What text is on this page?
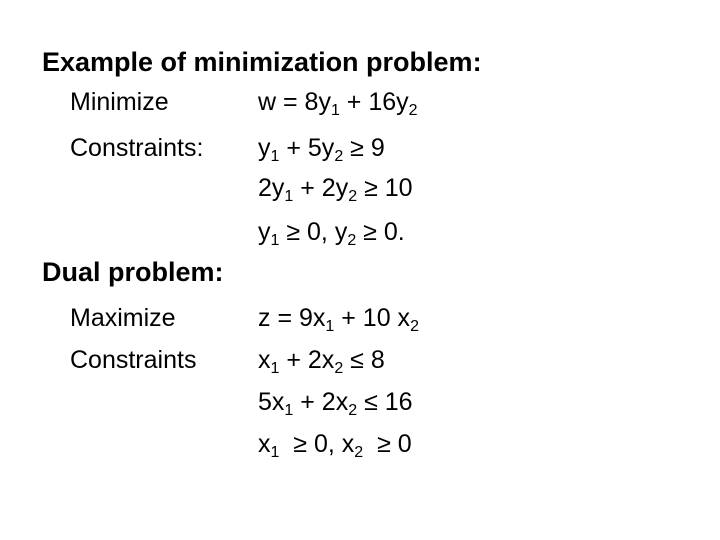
Example of minimization problem:
Minimize	$w = 8y_1 + 16y_2$
Constraints: $y_1 + 5y_2 \ge 9$
$2y_1 + 2y_2 \ge 10$
$y_1 \ge 0$, $y_2 \ge 0$.
Dual problem:
Maximize	$z = 9x_1 + 10$ $x_2$
Constraints $x_1 + 2x_2 \le 8$
$5x_1 + 2x_2 \le 16$
$x_1 \ge 0$, $x_2 \ge 0$
